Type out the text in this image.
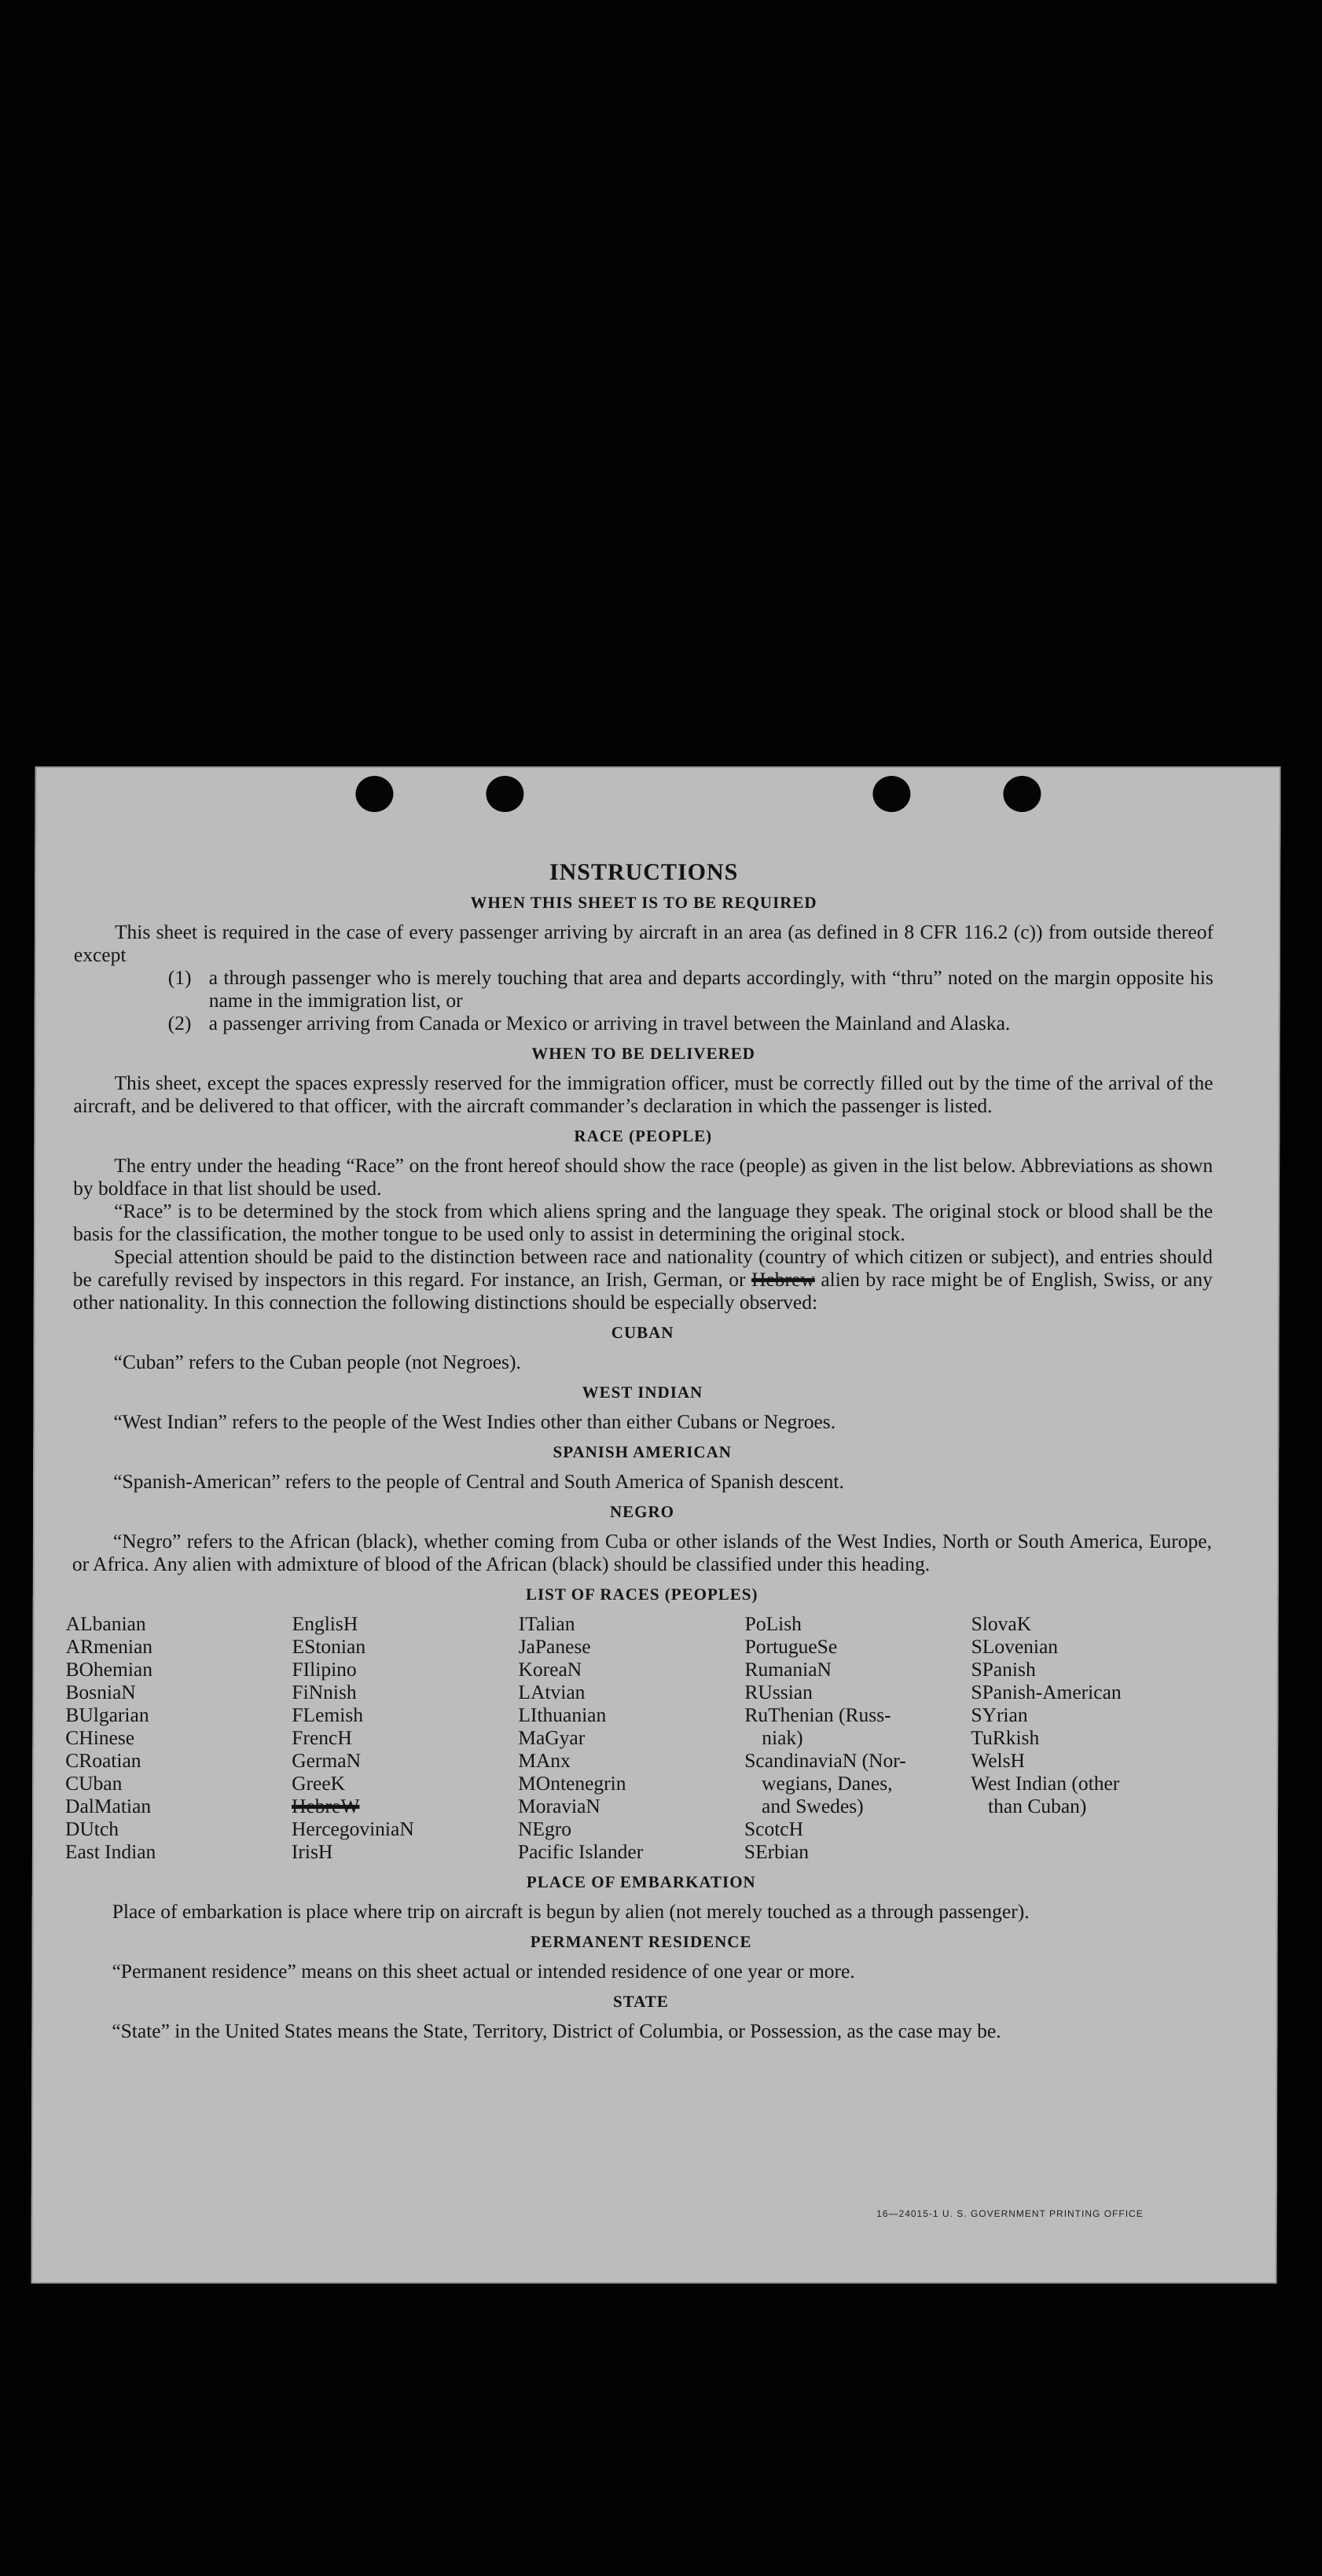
INSTRUCTIONS
WHEN THIS SHEET IS TO BE REQUIRED

This sheet is required in the case of every passenger arriving by aircraft in an area (as defined in 8 CFR 116.2 (c)) from outside thereof except

(1) a through passenger who is merely touching that area and departs accordingly, with “thru” noted on the margin opposite his name in the immigration list, or
(2) a passenger arriving from Canada or Mexico or arriving in travel between the Mainland and Alaska.
WHEN TO BE DELIVERED

This sheet, except the spaces expressly reserved for the immigration officer, must be correctly filled out by the time of the arrival of the aircraft, and be delivered to that officer, with the aircraft commander’s declaration in which the passenger is listed.

RACE (PEOPLE)

The entry under the heading “Race” on the front hereof should show the race (people) as given in the list below. Abbreviations as shown by boldface in that list should be used.

“Race” is to be determined by the stock from which aliens spring and the language they speak. The original stock or blood shall be the basis for the classification, the mother tongue to be used only to assist in determining the original stock.

Special attention should be paid to the distinction between race and nationality (country of which citizen or subject), and entries should be carefully revised by inspectors in this regard. For instance, an Irish, German, or Hebrew alien by race might be of English, Swiss, or any other nationality. In this connection the following distinctions should be especially observed:

CUBAN

“Cuban” refers to the Cuban people (not Negroes).

WEST INDIAN

“West Indian” refers to the people of the West Indies other than either Cubans or Negroes.

SPANISH AMERICAN

“Spanish-American” refers to the people of Central and South America of Spanish descent.

NEGRO

“Negro” refers to the African (black), whether coming from Cuba or other islands of the West Indies, North or South America, Europe, or Africa. Any alien with admixture of blood of the African (black) should be classified under this heading.

LIST OF RACES (PEOPLES)
ALbanian
ARmenian
BOhemian
BosniaN
BUlgarian
CHinese
CRoatian
CUban
DalMatian
DUtch
East Indian
EnglisH
EStonian
FIlipino
FiNnish
FLemish
FrencH
GermaN
GreeK
HebreW
HercegoviniaN
IrisH
ITalian
JaPanese
KoreaN
LAtvian
LIthuanian
MaGyar
MAnx
MOntenegrin
MoraviaN
NEgro
Pacific Islander
PoLish
PortugueSe
RumaniaN
RUssian
RuThenian (Russ-
niak)
ScandinaviaN (Nor-
wegians, Danes,
and Swedes)
ScotcH
SErbian
SlovaK
SLovenian
SPanish
SPanish-American
SYrian
TuRkish
WelsH
West Indian (other
than Cuban)
PLACE OF EMBARKATION

Place of embarkation is place where trip on aircraft is begun by alien (not merely touched as a through passenger).

PERMANENT RESIDENCE

“Permanent residence” means on this sheet actual or intended residence of one year or more.

STATE

“State” in the United States means the State, Territory, District of Columbia, or Possession, as the case may be.

16—24015-1 U. S. GOVERNMENT PRINTING OFFICE
